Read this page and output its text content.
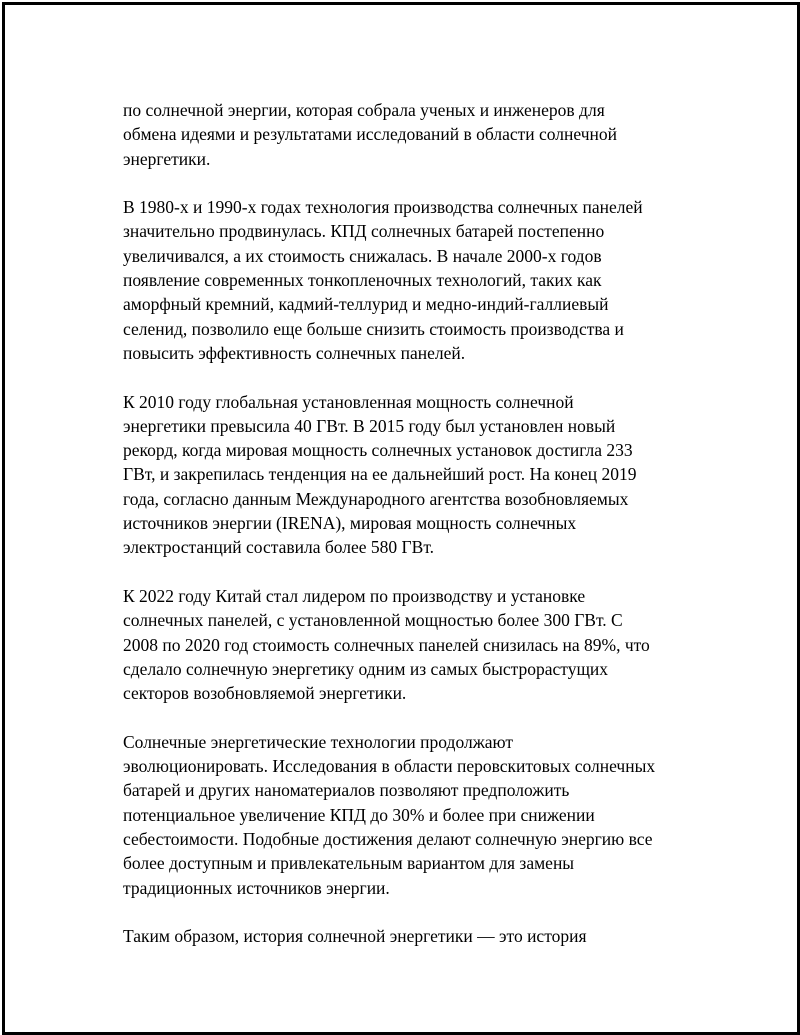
по солнечной энергии, которая собрала ученых и инженеров для
обмена идеями и результатами исследований в области солнечной
энергетики.

В 1980-х и 1990-х годах технология производства солнечных панелей
значительно продвинулась. КПД солнечных батарей постепенно
увеличивался, а их стоимость снижалась. В начале 2000-х годов
появление современных тонкопленочных технологий, таких как
аморфный кремний, кадмий-теллурид и медно-индий-галлиевый
селенид, позволило еще больше снизить стоимость производства и
повысить эффективность солнечных панелей.

К 2010 году глобальная установленная мощность солнечной
энергетики превысила 40 ГВт. В 2015 году был установлен новый
рекорд, когда мировая мощность солнечных установок достигла 233
ГВт, и закрепилась тенденция на ее дальнейший рост. На конец 2019
года, согласно данным Международного агентства возобновляемых
источников энергии (IRENA), мировая мощность солнечных
электростанций составила более 580 ГВт.

К 2022 году Китай стал лидером по производству и установке
солнечных панелей, с установленной мощностью более 300 ГВт. С
2008 по 2020 год стоимость солнечных панелей снизилась на 89%, что
сделало солнечную энергетику одним из самых быстрорастущих
секторов возобновляемой энергетики.

Солнечные энергетические технологии продолжают
эволюционировать. Исследования в области перовскитовых солнечных
батарей и других наноматериалов позволяют предположить
потенциальное увеличение КПД до 30% и более при снижении
себестоимости. Подобные достижения делают солнечную энергию все
более доступным и привлекательным вариантом для замены
традиционных источников энергии.

Таким образом, история солнечной энергетики — это история
